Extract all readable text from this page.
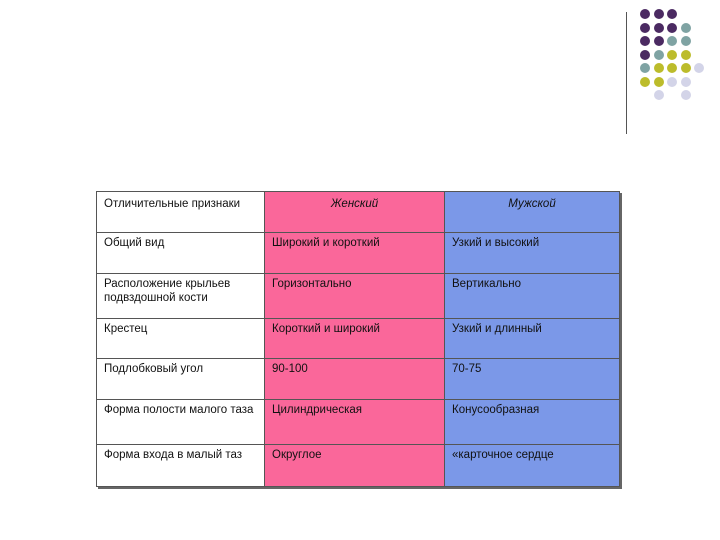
Отличительные признаки	Женский	Мужской
Общий вид	Широкий и короткий	Узкий и высокий
Расположение крыльев подвздошной кости	Горизонтально	Вертикально
Крестец	Короткий и широкий	Узкий и длинный
Подлобковый угол	90-100	70-75
Форма полости малого таза	Цилиндрическая	Конусообразная
Форма входа в малый таз	Округлое	«карточное сердце
